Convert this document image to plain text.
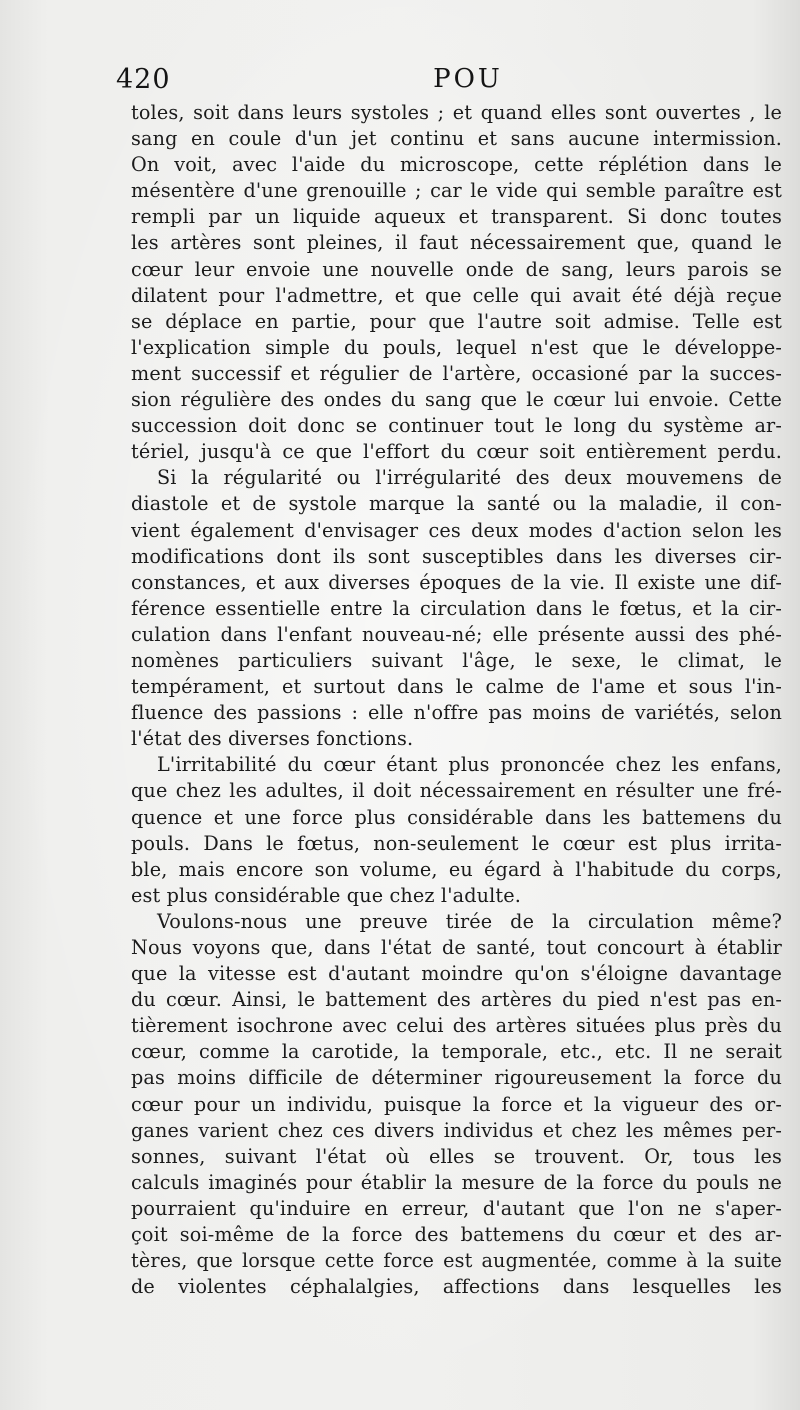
420	POU
toles, soit dans leurs systoles ; et quand elles sont ouvertes , le
sang en coule d'un jet continu et sans aucune intermission.
On voit, avec l'aide du microscope, cette réplétion dans le
mésentère d'une grenouille ; car le vide qui semble paraître est
rempli par un liquide aqueux et transparent. Si donc toutes
les artères sont pleines, il faut nécessairement que, quand le
cœur leur envoie une nouvelle onde de sang, leurs parois se
dilatent pour l'admettre, et que celle qui avait été déjà reçue
se déplace en partie, pour que l'autre soit admise. Telle est
l'explication simple du pouls, lequel n'est que le développe-
ment successif et régulier de l'artère, occasioné par la succes-
sion régulière des ondes du sang que le cœur lui envoie. Cette
succession doit donc se continuer tout le long du système ar-
tériel, jusqu'à ce que l'effort du cœur soit entièrement perdu.
Si la régularité ou l'irrégularité des deux mouvemens de
diastole et de systole marque la santé ou la maladie, il con-
vient également d'envisager ces deux modes d'action selon les
modifications dont ils sont susceptibles dans les diverses cir-
constances, et aux diverses époques de la vie. Il existe une dif-
férence essentielle entre la circulation dans le fœtus, et la cir-
culation dans l'enfant nouveau-né; elle présente aussi des phé-
nomènes particuliers suivant l'âge, le sexe, le climat, le
tempérament, et surtout dans le calme de l'ame et sous l'in-
fluence des passions : elle n'offre pas moins de variétés, selon
l'état des diverses fonctions.
L'irritabilité du cœur étant plus prononcée chez les enfans,
que chez les adultes, il doit nécessairement en résulter une fré-
quence et une force plus considérable dans les battemens du
pouls. Dans le fœtus, non-seulement le cœur est plus irrita-
ble, mais encore son volume, eu égard à l'habitude du corps,
est plus considérable que chez l'adulte.
Voulons-nous une preuve tirée de la circulation même?
Nous voyons que, dans l'état de santé, tout concourt à établir
que la vitesse est d'autant moindre qu'on s'éloigne davantage
du cœur. Ainsi, le battement des artères du pied n'est pas en-
tièrement isochrone avec celui des artères situées plus près du
cœur, comme la carotide, la temporale, etc., etc. Il ne serait
pas moins difficile de déterminer rigoureusement la force du
cœur pour un individu, puisque la force et la vigueur des or-
ganes varient chez ces divers individus et chez les mêmes per-
sonnes, suivant l'état où elles se trouvent. Or, tous les
calculs imaginés pour établir la mesure de la force du pouls ne
pourraient qu'induire en erreur, d'autant que l'on ne s'aper-
çoit soi-même de la force des battemens du cœur et des ar-
tères, que lorsque cette force est augmentée, comme à la suite
de violentes céphalalgies, affections dans lesquelles les
